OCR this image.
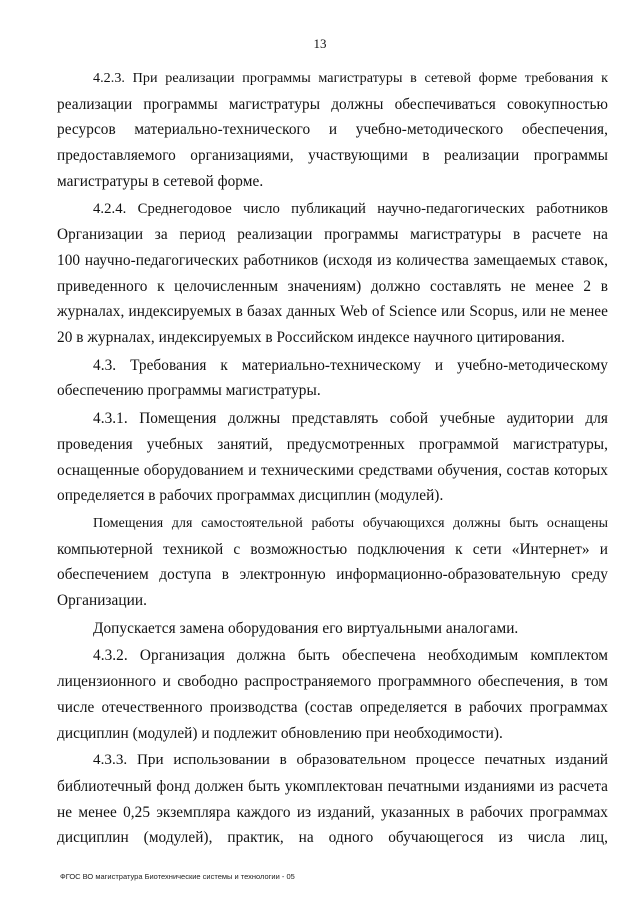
13
4.2.3. При реализации программы магистратуры в сетевой форме требования к
реализации программы магистратуры должны обеспечиваться совокупностью
ресурсов материально-технического и учебно-методического обеспечения,
предоставляемого организациями, участвующими в реализации программы
магистратуры в сетевой форме.
4.2.4. Среднегодовое число публикаций научно-педагогических работников
Организации за период реализации программы магистратуры в расчете на
100 научно-педагогических работников (исходя из количества замещаемых ставок,
приведенного к целочисленным значениям) должно составлять не менее 2 в
журналах, индексируемых в базах данных Web of Science или Scopus, или не менее
20 в журналах, индексируемых в Российском индексе научного цитирования.
4.3. Требования к материально-техническому и учебно-методическому
обеспечению программы магистратуры.
4.3.1. Помещения должны представлять собой учебные аудитории для
проведения учебных занятий, предусмотренных программой магистратуры,
оснащенные оборудованием и техническими средствами обучения, состав которых
определяется в рабочих программах дисциплин (модулей).
Помещения для самостоятельной работы обучающихся должны быть оснащены
компьютерной техникой с возможностью подключения к сети «Интернет» и
обеспечением доступа в электронную информационно-образовательную среду
Организации.
Допускается замена оборудования его виртуальными аналогами.
4.3.2. Организация должна быть обеспечена необходимым комплектом
лицензионного и свободно распространяемого программного обеспечения, в том
числе отечественного производства (состав определяется в рабочих программах
дисциплин (модулей) и подлежит обновлению при необходимости).
4.3.3. При использовании в образовательном процессе печатных изданий
библиотечный фонд должен быть укомплектован печатными изданиями из расчета
не менее 0,25 экземпляра каждого из изданий, указанных в рабочих программах
дисциплин (модулей), практик, на одного обучающегося из числа лиц,
ФГОС ВО магистратура Биотехнические системы и технологии - 05
